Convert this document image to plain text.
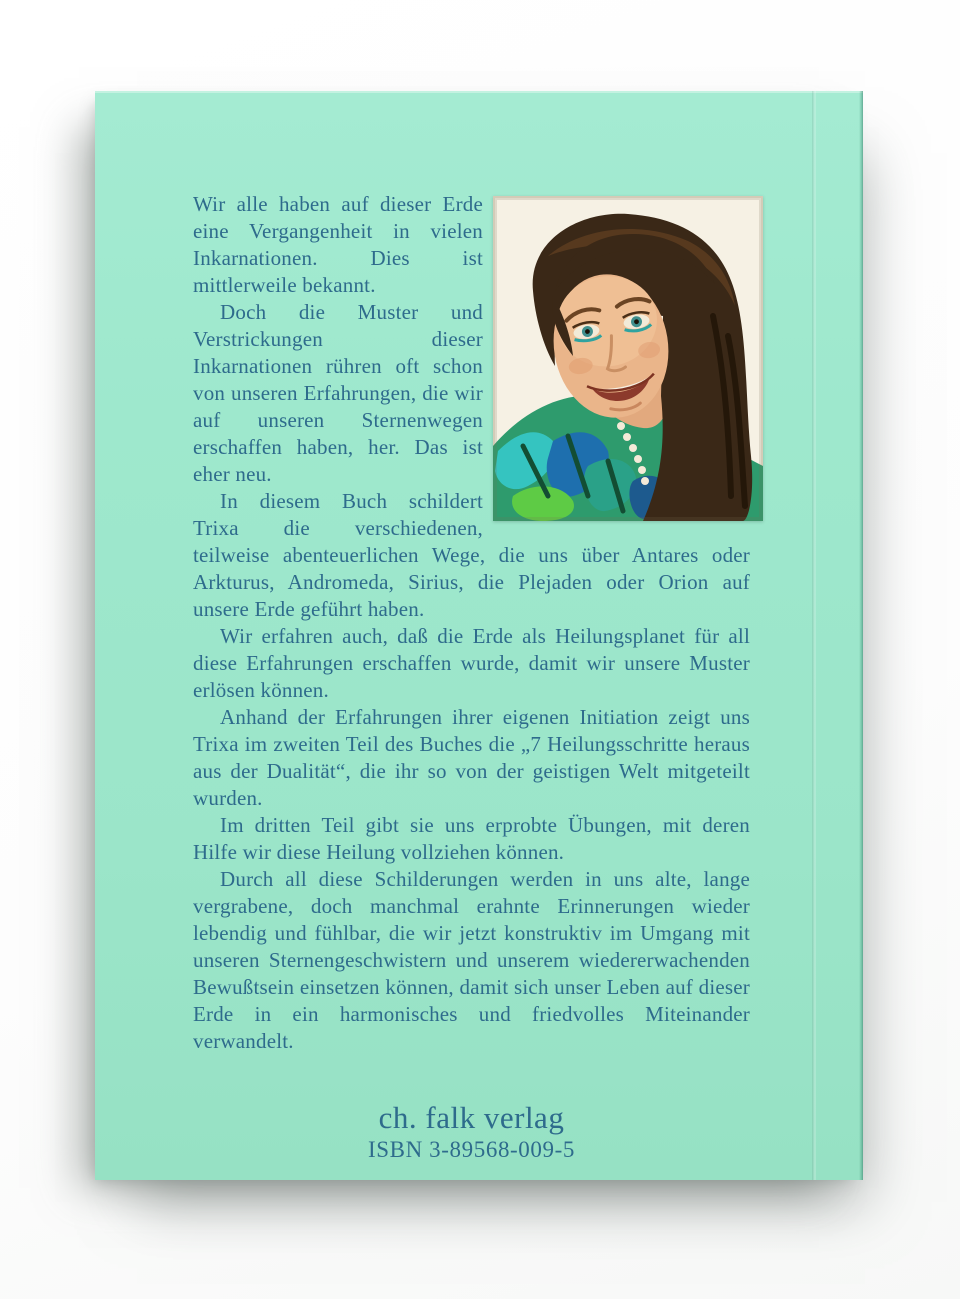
Wir alle haben auf dieser Erde eine Vergangenheit in vielen Inkarnationen. Dies ist mittlerweile bekannt.

Doch die Muster und Verstrickungen dieser Inkarnationen rühren oft schon von unseren Erfahrungen, die wir auf unseren Sternenwegen erschaffen haben, her. Das ist eher neu.

In diesem Buch schildert Trixa die verschiedenen, teilweise abenteuerlichen Wege, die uns über Antares oder Arkturus, Andromeda, Sirius, die Plejaden oder Orion auf unsere Erde geführt haben.

Wir erfahren auch, daß die Erde als Heilungsplanet für all diese Erfahrungen erschaffen wurde, damit wir unsere Muster erlösen können.

Anhand der Erfahrungen ihrer eigenen Initiation zeigt uns Trixa im zweiten Teil des Buches die „7 Heilungsschritte heraus aus der Dualität“, die ihr so von der geistigen Welt mitgeteilt wurden.

Im dritten Teil gibt sie uns erprobte Übungen, mit deren Hilfe wir diese Heilung vollziehen können.

Durch all diese Schilderungen werden in uns alte, lange vergrabene, doch manchmal erahnte Erinnerungen wieder lebendig und fühlbar, die wir jetzt konstruktiv im Umgang mit unseren Sternengeschwistern und unserem wiedererwachenden Bewußtsein einsetzen können, damit sich unser Leben auf dieser Erde in ein harmonisches und friedvolles Miteinander verwandelt.

ch. falk verlag
ISBN 3-89568-009-5
